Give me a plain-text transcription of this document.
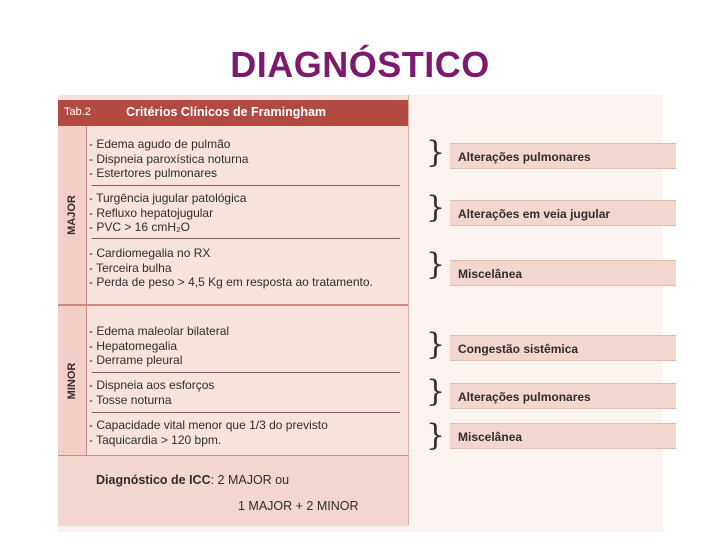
DIAGNÓSTICO
Tab.2	Critérios Clínicos de Framingham
MAJOR
MINOR
- Edema agudo de pulmão
- Dispneia paroxística noturna
- Estertores pulmonares
- Turgência jugular patológica
- Refluxo hepatojugular
- PVC > 16 cmH₂O
- Cardiomegalia no RX
- Terceira bulha
- Perda de peso > 4,5 Kg em resposta ao tratamento.
- Edema maleolar bilateral
- Hepatomegalia
- Derrame pleural
- Dispneia aos esforços
- Tosse noturna
- Capacidade vital menor que 1/3 do previsto
- Taquicardia > 120 bpm.
Diagnóstico de ICC: 2 MAJOR ou
1 MAJOR + 2 MINOR
}
}
}
}
}
}
Alterações pulmonares
Alterações em veia jugular
Miscelânea
Congestão sistêmica
Alterações pulmonares
Miscelânea
